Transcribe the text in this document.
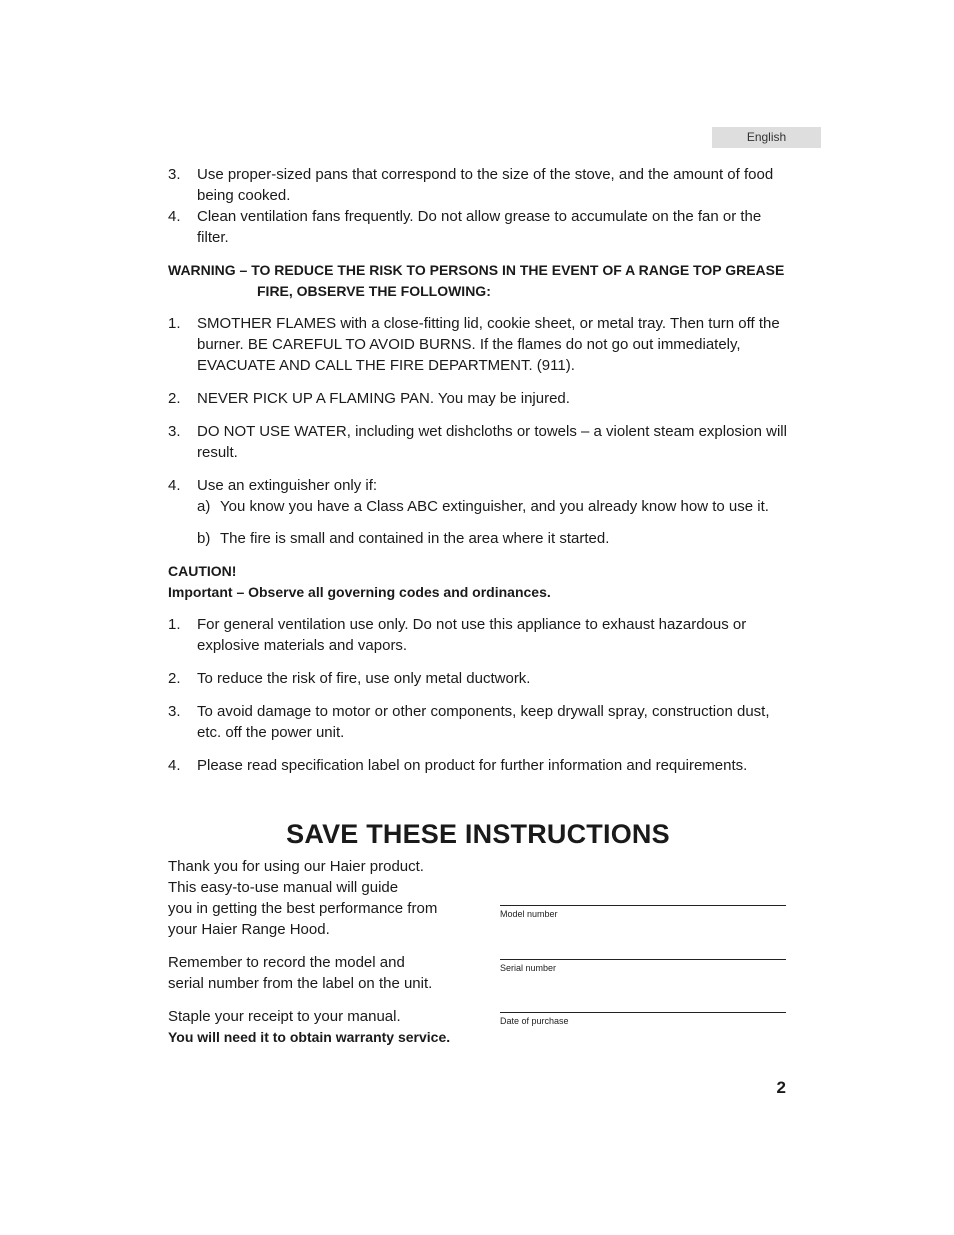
English
3. Use proper-sized pans that correspond to the size of the stove, and the amount of food being cooked.
4. Clean ventilation fans frequently. Do not allow grease to accumulate on the fan or the filter.
WARNING – TO REDUCE THE RISK TO PERSONS IN THE EVENT OF A RANGE TOP GREASE
FIRE, OBSERVE THE FOLLOWING:
1. SMOTHER FLAMES with a close-fitting lid, cookie sheet, or metal tray. Then turn off the burner. BE CAREFUL TO AVOID BURNS. If the flames do not go out immediately, EVACUATE AND CALL THE FIRE DEPARTMENT. (911).
2. NEVER PICK UP A FLAMING PAN. You may be injured.
3. DO NOT USE WATER, including wet dishcloths or towels – a violent steam explosion will result.
4. Use an extinguisher only if:
a) You know you have a Class ABC extinguisher, and you already know how to use it.
b) The fire is small and contained in the area where it started.
CAUTION!
Important – Observe all governing codes and ordinances.
1. For general ventilation use only. Do not use this appliance to exhaust hazardous or explosive materials and vapors.
2. To reduce the risk of fire, use only metal ductwork.
3. To avoid damage to motor or other components, keep drywall spray, construction dust, etc. off the power unit.
4. Please read specification label on product for further information and requirements.
SAVE THESE INSTRUCTIONS
Thank you for using our Haier product.
This easy-to-use manual will guide
you in getting the best performance from
your Haier Range Hood.
Remember to record the model and
serial number from the label on the unit.
Staple your receipt to your manual.
You will need it to obtain warranty service.
Model number
Serial number
Date of purchase
2
